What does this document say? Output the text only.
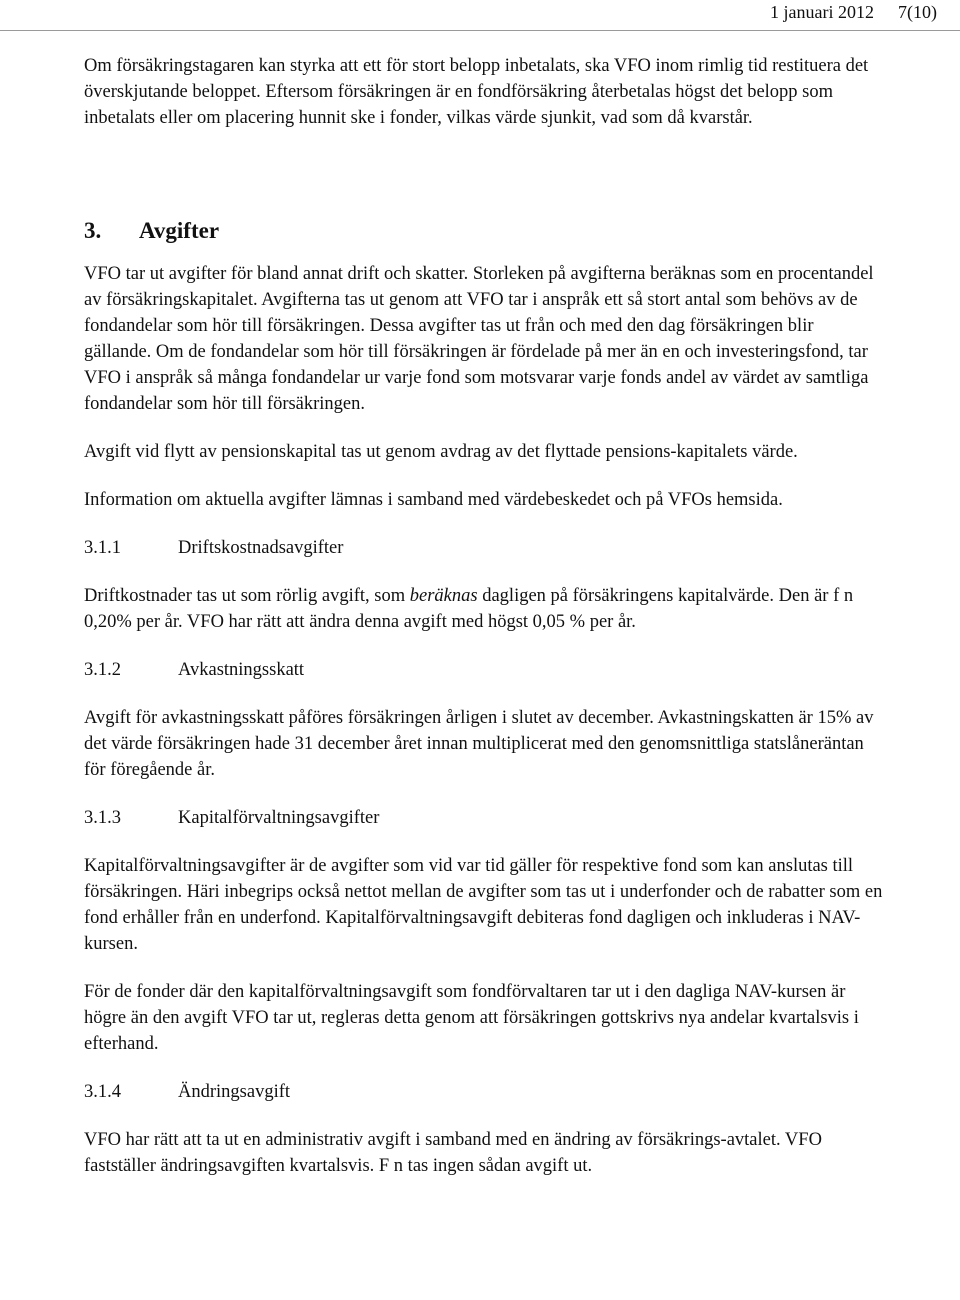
1 januari 2012 7(10)

Om försäkringstagaren kan styrka att ett för stort belopp inbetalats, ska VFO inom rimlig tid restituera det överskjutande beloppet. Eftersom försäkringen är en fondförsäkring återbetalas högst det belopp som inbetalats eller om placering hunnit ske i fonder, vilkas värde sjunkit, vad som då kvarstår.

3. Avgifter

VFO tar ut avgifter för bland annat drift och skatter. Storleken på avgifterna beräknas som en procentandel av försäkringskapitalet. Avgifterna tas ut genom att VFO tar i anspråk ett så stort antal som behövs av de fondandelar som hör till försäkringen. Dessa avgifter tas ut från och med den dag försäkringen blir gällande. Om de fondandelar som hör till försäkringen är fördelade på mer än en och investeringsfond, tar VFO i anspråk så många fondandelar ur varje fond som motsvarar varje fonds andel av värdet av samtliga fondandelar som hör till försäkringen.

Avgift vid flytt av pensionskapital tas ut genom avdrag av det flyttade pensions-kapitalets värde.

Information om aktuella avgifter lämnas i samband med värdebeskedet och på VFOs hemsida.

3.1.1	Driftskostnadsavgifter

Driftkostnader tas ut som rörlig avgift, som beräknas dagligen på försäkringens kapitalvärde. Den är f n 0,20% per år. VFO har rätt att ändra denna avgift med högst 0,05 % per år.

3.1.2	Avkastningsskatt

Avgift för avkastningsskatt påföres försäkringen årligen i slutet av december. Avkastningskatten är 15% av det värde försäkringen hade 31 december året innan multiplicerat med den genomsnittliga statslåneräntan för föregående år.

3.1.3	Kapitalförvaltningsavgifter

Kapitalförvaltningsavgifter är de avgifter som vid var tid gäller för respektive fond som kan anslutas till försäkringen. Häri inbegrips också nettot mellan de avgifter som tas ut i underfonder och de rabatter som en fond erhåller från en underfond. Kapitalförvaltningsavgift debiteras fond dagligen och inkluderas i NAV-kursen.

För de fonder där den kapitalförvaltningsavgift som fondförvaltaren tar ut i den dagliga NAV-kursen är högre än den avgift VFO tar ut, regleras detta genom att försäkringen gottskrivs nya andelar kvartalsvis i efterhand.

3.1.4	Ändringsavgift

VFO har rätt att ta ut en administrativ avgift i samband med en ändring av försäkrings-avtalet. VFO fastställer ändringsavgiften kvartalsvis. F n tas ingen sådan avgift ut.
